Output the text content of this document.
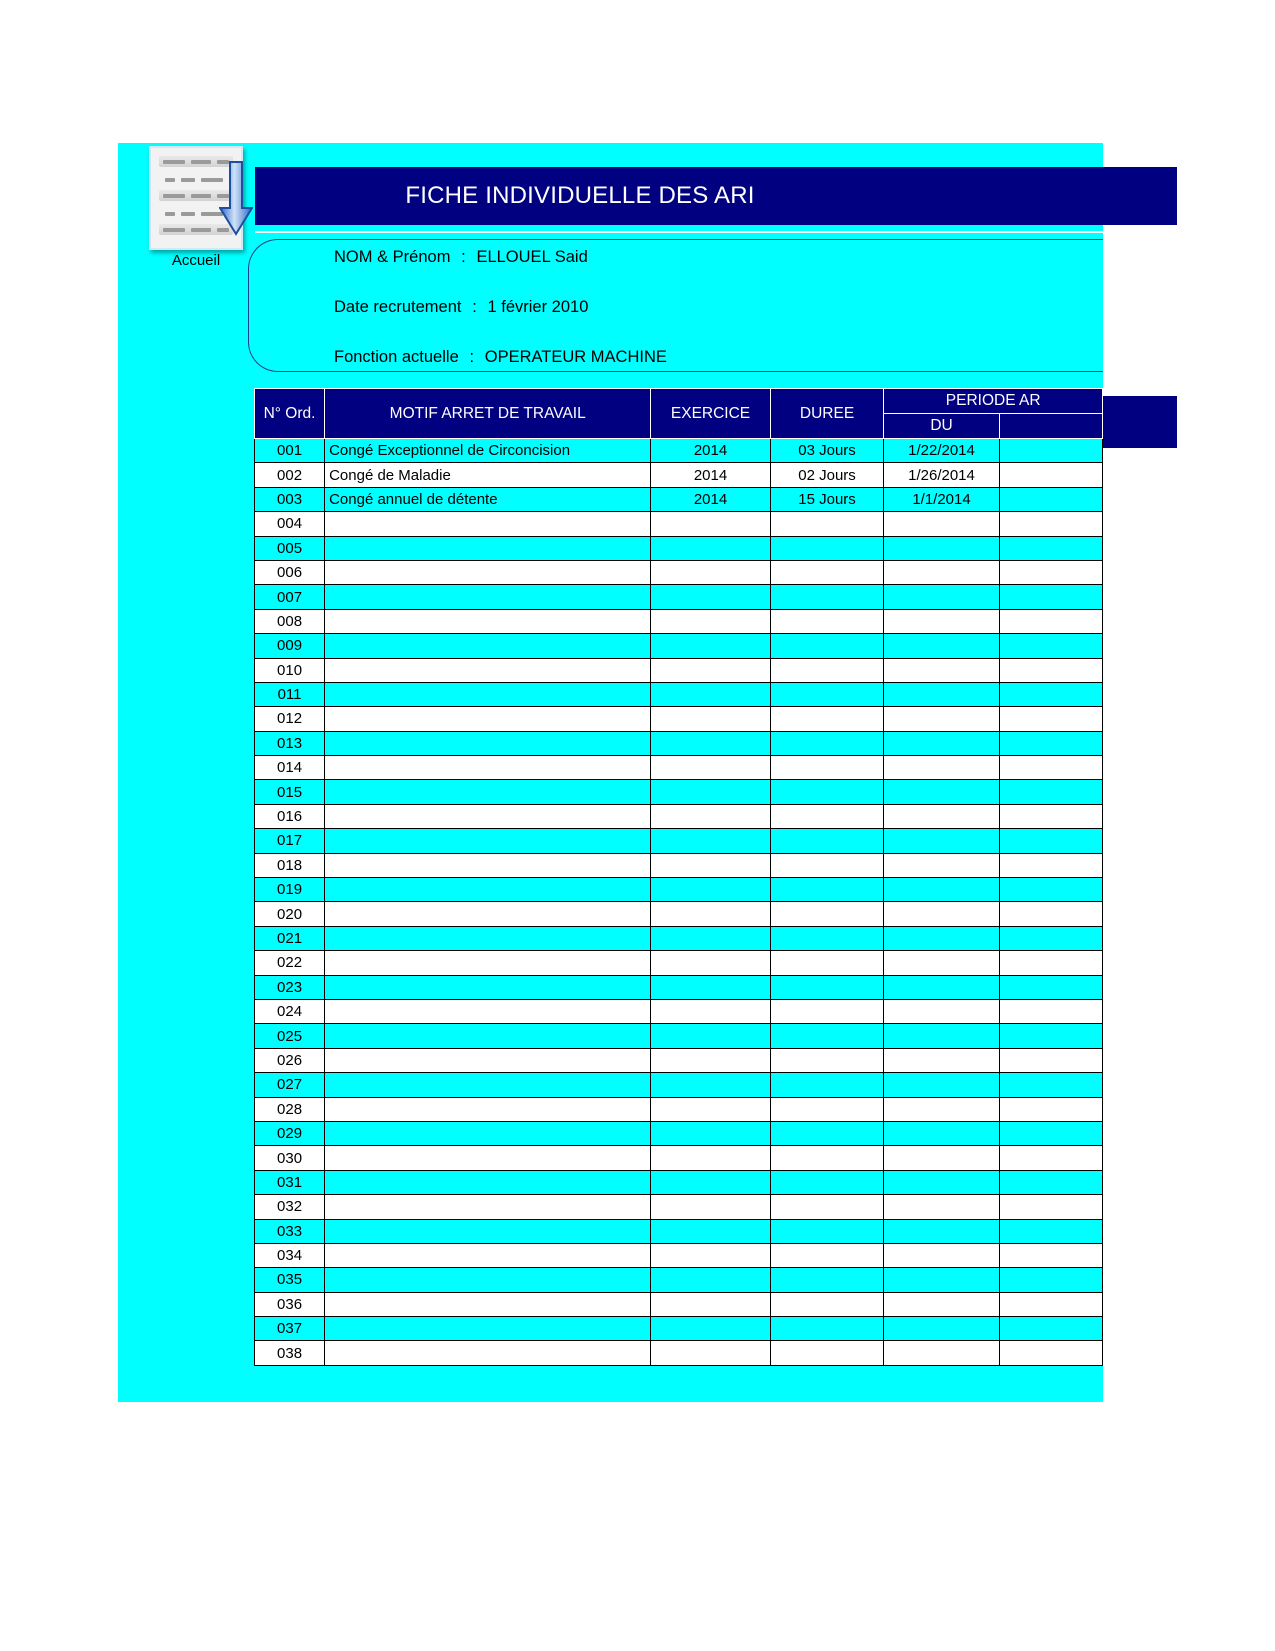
Accueil
FICHE INDIVIDUELLE DES ARI
NOM & Prénom : ELLOUEL Said
Date recrutement : 1 février 2010
Fonction actuelle : OPERATEUR MACHINE
N° Ord.	MOTIF ARRET DE TRAVAIL	EXERCICE	DUREE	PERIODE AR	
				DU	
001	Congé Exceptionnel de Circoncision	2014	03 Jours	1/22/2014	
002	Congé de Maladie	2014	02 Jours	1/26/2014	
003	Congé annuel de détente	2014	15 Jours	1/1/2014	
004					
005					
006					
007					
008					
009					
010					
011					
012					
013					
014					
015					
016					
017					
018					
019					
020					
021					
022					
023					
024					
025					
026					
027					
028					
029					
030					
031					
032					
033					
034					
035					
036					
037					
038					
